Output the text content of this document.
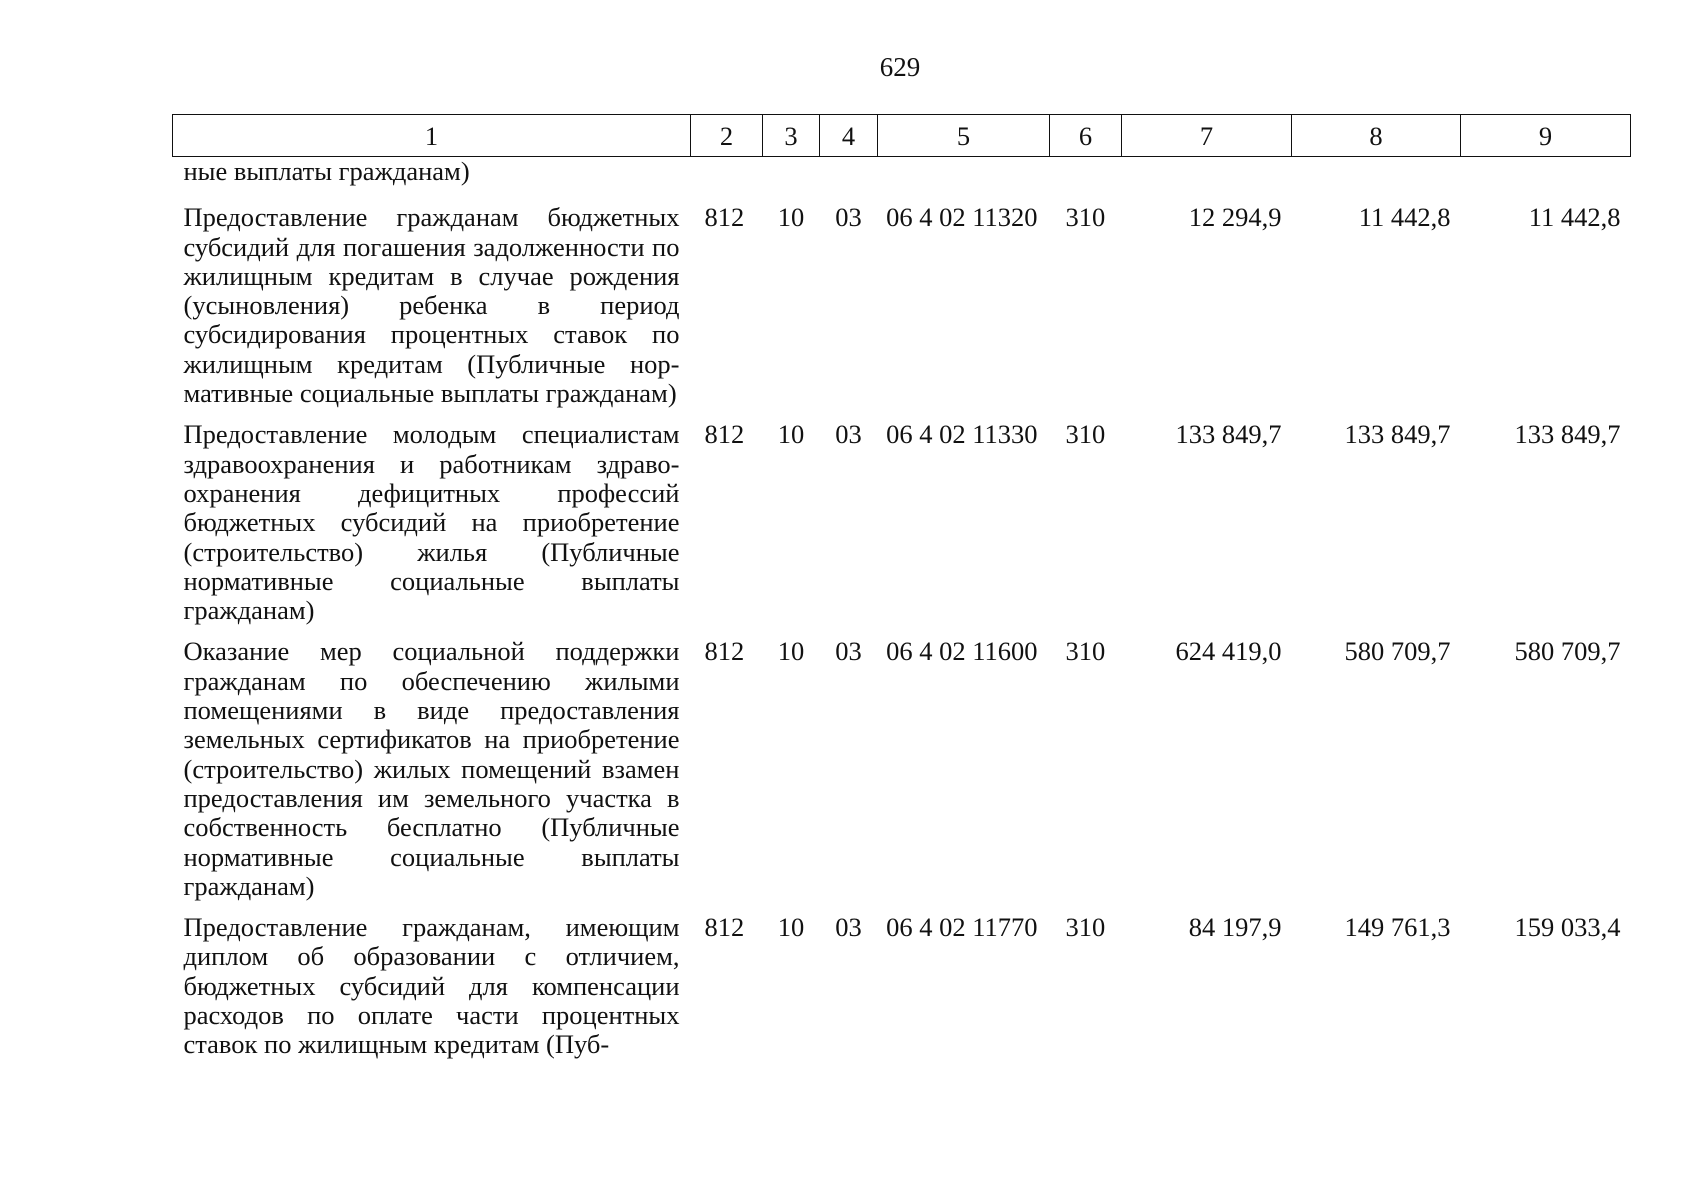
629
1	2	3	4	5	6	7	8	9
ные выплаты гражданам)								
Предоставление гражданам бюджетных субсидий для погашения задолженности по жилищным кредитам в случае рождения (усыновления) ребенка в период субсидирования процентных ставок по жилищным кредитам (Публичные нормативные социальные выплаты гражданам)	812	10	03	06 4 02 11320	310	12 294,9	11 442,8	11 442,8
Предоставление молодым специалистам здравоохранения и работникам здравоохранения дефицитных профессий бюджетных субсидий на приобретение (строительство) жилья (Публичные нормативные социальные выплаты гражданам)	812	10	03	06 4 02 11330	310	133 849,7	133 849,7	133 849,7
Оказание мер социальной поддержки гражданам по обеспечению жилыми помещениями в виде предоставления земельных сертификатов на приобретение (строительство) жилых помещений взамен предоставления им земельного участка в собственность бесплатно (Публичные нормативные социальные выплаты гражданам)	812	10	03	06 4 02 11600	310	624 419,0	580 709,7	580 709,7
Предоставление гражданам, имеющим диплом об образовании с отличием, бюджетных субсидий для компенсации расходов по оплате части процентных ставок по жилищным кредитам (Пуб-	812	10	03	06 4 02 11770	310	84 197,9	149 761,3	159 033,4
